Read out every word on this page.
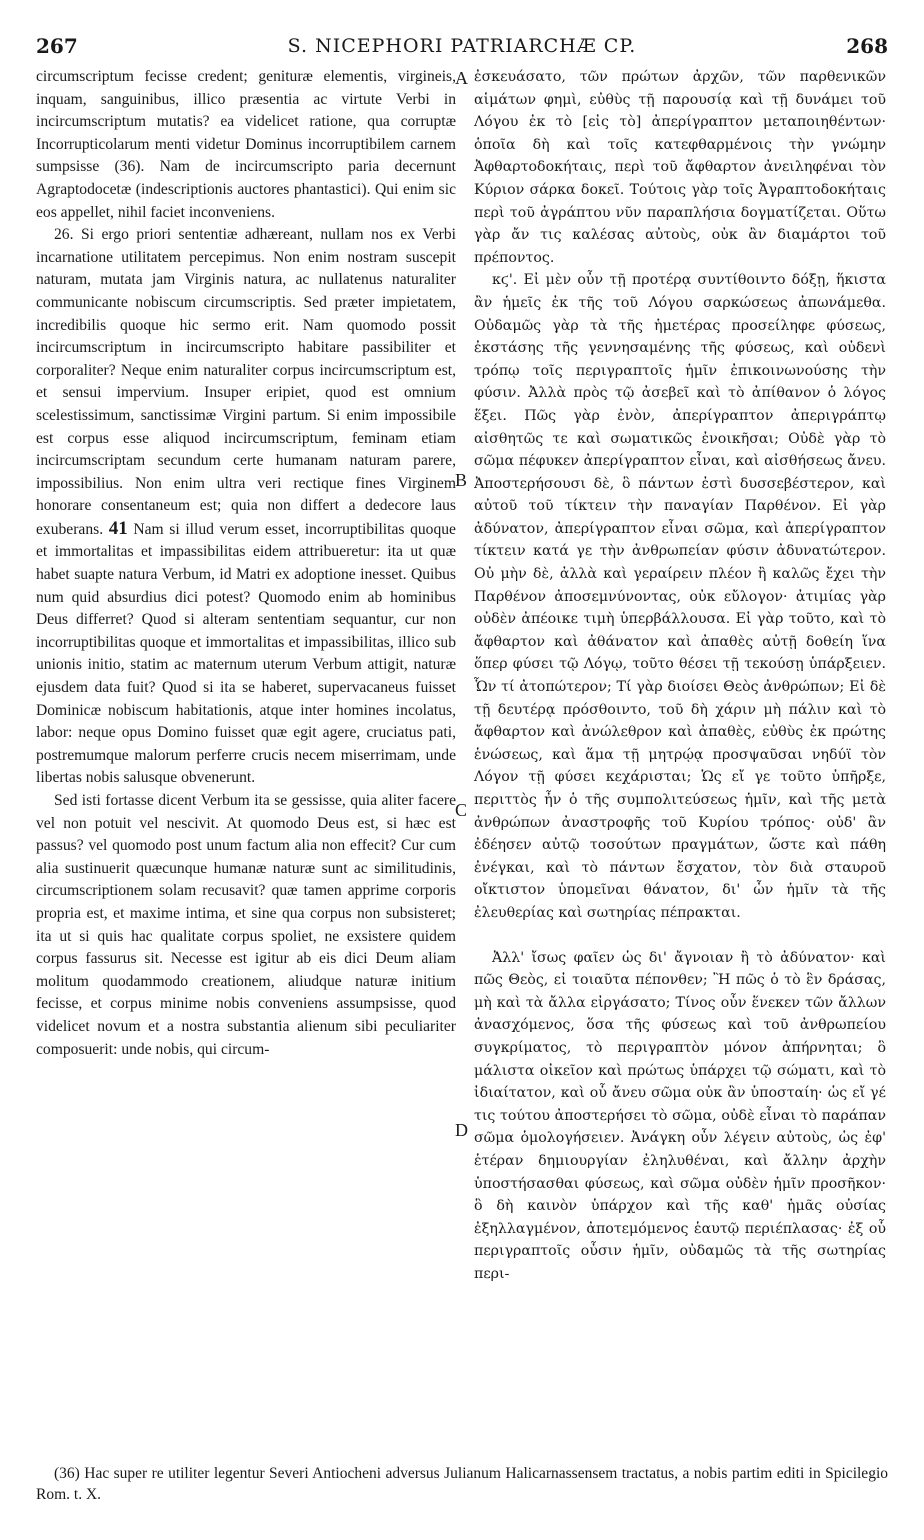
267	S. NICEPHORI PATRIARCHÆ CP.	268

circumscriptum fecisse credent; genituræ elementis, virgineis, inquam, sanguinibus, illico præsentia ac virtute Verbi in incircumscriptum mutatis? ea videlicet ratione, qua corruptæ Incorrupticolarum menti videtur Dominus incorruptibilem carnem sumpsisse (36). Nam de incircumscripto paria decernunt Agraptodocetæ (indescriptionis auctores phantastici). Qui enim sic eos appellet, nihil faciet inconveniens.

26. Si ergo priori sententiæ adhæreant, nullam nos ex Verbi incarnatione utilitatem percepimus. Non enim nostram suscepit naturam, mutata jam Virginis natura, ac nullatenus naturaliter communicante nobiscum circumscriptis. Sed præter impietatem, incredibilis quoque hic sermo erit. Nam quomodo possit incircumscriptum in incircumscripto habitare passibiliter et corporaliter? Neque enim naturaliter corpus incircumscriptum est, et sensui impervium. Insuper eripiet, quod est omnium scelestissimum, sanctissimæ Virgini partum. Si enim impossibile est corpus esse aliquod incircumscriptum, feminam etiam incircumscriptam secundum certe humanam naturam parere, impossibilius. Non enim ultra veri rectique fines Virginem honorare consentaneum est; quia non differt a dedecore laus exuberans. 41 Nam si illud verum esset, incorruptibilitas quoque et immortalitas et impassibilitas eidem attribueretur: ita ut quæ habet suapte natura Verbum, id Matri ex adoptione inesset. Quibus num quid absurdius dici potest? Quomodo enim ab hominibus Deus differret? Quod si alteram sententiam sequantur, cur non incorruptibilitas quoque et immortalitas et impassibilitas, illico sub unionis initio, statim ac maternum uterum Verbum attigit, naturæ ejusdem data fuit? Quod si ita se haberet, supervacaneus fuisset Dominicæ nobiscum habitationis, atque inter homines incolatus, labor: neque opus Domino fuisset quæ egit agere, cruciatus pati, postremumque malorum perferre crucis necem miserrimam, unde libertas nobis salusque obvenerunt.

Sed isti fortasse dicent Verbum ita se gessisse, quia aliter facere vel non potuit vel nescivit. At quomodo Deus est, si hæc est passus? vel quomodo post unum factum alia non effecit? Cur cum alia sustinuerit quæcunque humanæ naturæ sunt ac similitudinis, circumscriptionem solam recusavit? quæ tamen apprime corporis propria est, et maxime intima, et sine qua corpus non subsisteret; ita ut si quis hac qualitate corpus spoliet, ne exsistere quidem corpus fassurus sit. Necesse est igitur ab eis dici Deum aliam molitum quodammodo creationem, aliudque naturæ initium fecisse, et corpus minime nobis conveniens assumpsisse, quod videlicet novum et a nostra substantia alienum sibi peculiariter composuerit: unde nobis, qui circum-

ἐσκευάσατο, τῶν πρώτων ἀρχῶν, τῶν παρθενικῶν αἱμάτων φημὶ, εὐθὺς τῇ παρουσίᾳ καὶ τῇ δυνάμει τοῦ Λόγου ἐκ τὸ [εἰς τὸ] ἀπερίγραπτον μεταποιηθέντων· ὁποῖα δὴ καὶ τοῖς κατεφθαρμένοις τὴν γνώμην Ἀφθαρτοδοκήταις, περὶ τοῦ ἄφθαρτον ἀνειληφέναι τὸν Κύριον σάρκα δοκεῖ. Τούτοις γὰρ τοῖς Ἀγραπτοδοκήταις περὶ τοῦ ἀγράπτου νῦν παραπλήσια δογματίζεται. Οὕτω γὰρ ἄν τις καλέσας αὐτοὺς, οὐκ ἂν διαμάρτοι τοῦ πρέποντος.

κϛ'. Εἰ μὲν οὖν τῇ προτέρᾳ συντίθοιντο δόξῃ, ἥκιστα ἂν ἡμεῖς ἐκ τῆς τοῦ Λόγου σαρκώσεως ἀπωνάμεθα. Οὐδαμῶς γὰρ τὰ τῆς ἡμετέρας προσείληφε φύσεως, ἐκστάσης τῆς γεννησαμένης τῆς φύσεως, καὶ οὐδενὶ τρόπῳ τοῖς περιγραπτοῖς ἡμῖν ἐπικοινωνούσης τὴν φύσιν. Ἀλλὰ πρὸς τῷ ἀσεβεῖ καὶ τὸ ἀπίθανον ὁ λόγος ἕξει. Πῶς γὰρ ἐνὸν, ἀπερίγραπτον ἀπεριγράπτῳ αἰσθητῶς τε καὶ σωματικῶς ἐνοικῆσαι; Οὐδὲ γὰρ τὸ σῶμα πέφυκεν ἀπερίγραπτον εἶναι, καὶ αἰσθήσεως ἄνευ. Ἀποστερήσουσι δὲ, ὃ πάντων ἐστὶ δυσσεβέστερον, καὶ αὐτοῦ τοῦ τίκτειν τὴν παναγίαν Παρθένον. Εἰ γὰρ ἀδύνατον, ἀπερίγραπτον εἶναι σῶμα, καὶ ἀπερίγραπτον τίκτειν κατά γε τὴν ἀνθρωπείαν φύσιν ἀδυνατώτερον. Οὐ μὴν δὲ, ἀλλὰ καὶ γεραίρειν πλέον ἢ καλῶς ἔχει τὴν Παρθένον ἀποσεμνύνοντας, οὐκ εὔλογον· ἀτιμίας γὰρ οὐδὲν ἀπέοικε τιμὴ ὑπερβάλλουσα. Εἰ γὰρ τοῦτο, καὶ τὸ ἄφθαρτον καὶ ἀθάνατον καὶ ἀπαθὲς αὐτῇ δοθείη ἵνα ὅπερ φύσει τῷ Λόγῳ, τοῦτο θέσει τῇ τεκούσῃ ὑπάρξειεν. Ὧν τί ἀτοπώτερον; Τί γὰρ διοίσει Θεὸς ἀνθρώπων; Εἰ δὲ τῇ δευτέρᾳ πρόσθοιντο, τοῦ δὴ χάριν μὴ πάλιν καὶ τὸ ἄφθαρτον καὶ ἀνώλεθρον καὶ ἀπαθὲς, εὐθὺς ἐκ πρώτης ἑνώσεως, καὶ ἅμα τῇ μητρῴᾳ προσψαῦσαι νηδύϊ τὸν Λόγον τῇ φύσει κεχάρισται; Ὡς εἴ γε τοῦτο ὑπῆρξε, περιττὸς ἦν ὁ τῆς συμπολιτεύσεως ἡμῖν, καὶ τῆς μετὰ ἀνθρώπων ἀναστροφῆς τοῦ Κυρίου τρόπος· οὐδ' ἂν ἐδέησεν αὐτῷ τοσούτων πραγμάτων, ὥστε καὶ πάθη ἐνέγκαι, καὶ τὸ πάντων ἔσχατον, τὸν διὰ σταυροῦ οἴκτιστον ὑπομεῖναι θάνατον, δι' ὧν ἡμῖν τὰ τῆς ἐλευθερίας καὶ σωτηρίας πέπρακται.

Ἀλλ' ἴσως φαῖεν ὡς δι' ἄγνοιαν ἢ τὸ ἀδύνατον· καὶ πῶς Θεὸς, εἰ τοιαῦτα πέπονθεν; Ἢ πῶς ὁ τὸ ἓν δράσας, μὴ καὶ τὰ ἄλλα εἰργάσατο; Τίνος οὖν ἕνεκεν τῶν ἄλλων ἀνασχόμενος, ὅσα τῆς φύσεως καὶ τοῦ ἀνθρωπείου συγκρίματος, τὸ περιγραπτὸν μόνον ἀπήρνηται; ὃ μάλιστα οἰκεῖον καὶ πρώτως ὑπάρχει τῷ σώματι, καὶ τὸ ἰδιαίτατον, καὶ οὗ ἄνευ σῶμα οὐκ ἂν ὑποσταίη· ὡς εἴ γέ τις τούτου ἀποστερήσει τὸ σῶμα, οὐδὲ εἶναι τὸ παράπαν σῶμα ὁμολογήσειεν. Ἀνάγκη οὖν λέγειν αὐτοὺς, ὡς ἐφ' ἑτέραν δημιουργίαν ἐληλυθέναι, καὶ ἄλλην ἀρχὴν ὑποστήσασθαι φύσεως, καὶ σῶμα οὐδὲν ἡμῖν προσῆκον· ὃ δὴ καινὸν ὑπάρχον καὶ τῆς καθ' ἡμᾶς οὐσίας ἐξηλλαγμένον, ἀποτεμόμενος ἑαυτῷ περιέπλασας· ἐξ οὗ περιγραπτοῖς οὖσιν ἡμῖν, οὐδαμῶς τὰ τῆς σωτηρίας περι-

A
B
C
D

(36) Hac super re utiliter legentur Severi Antiocheni adversus Julianum Halicarnassensem tractatus, a nobis partim editi in Spicilegio Rom. t. X.
